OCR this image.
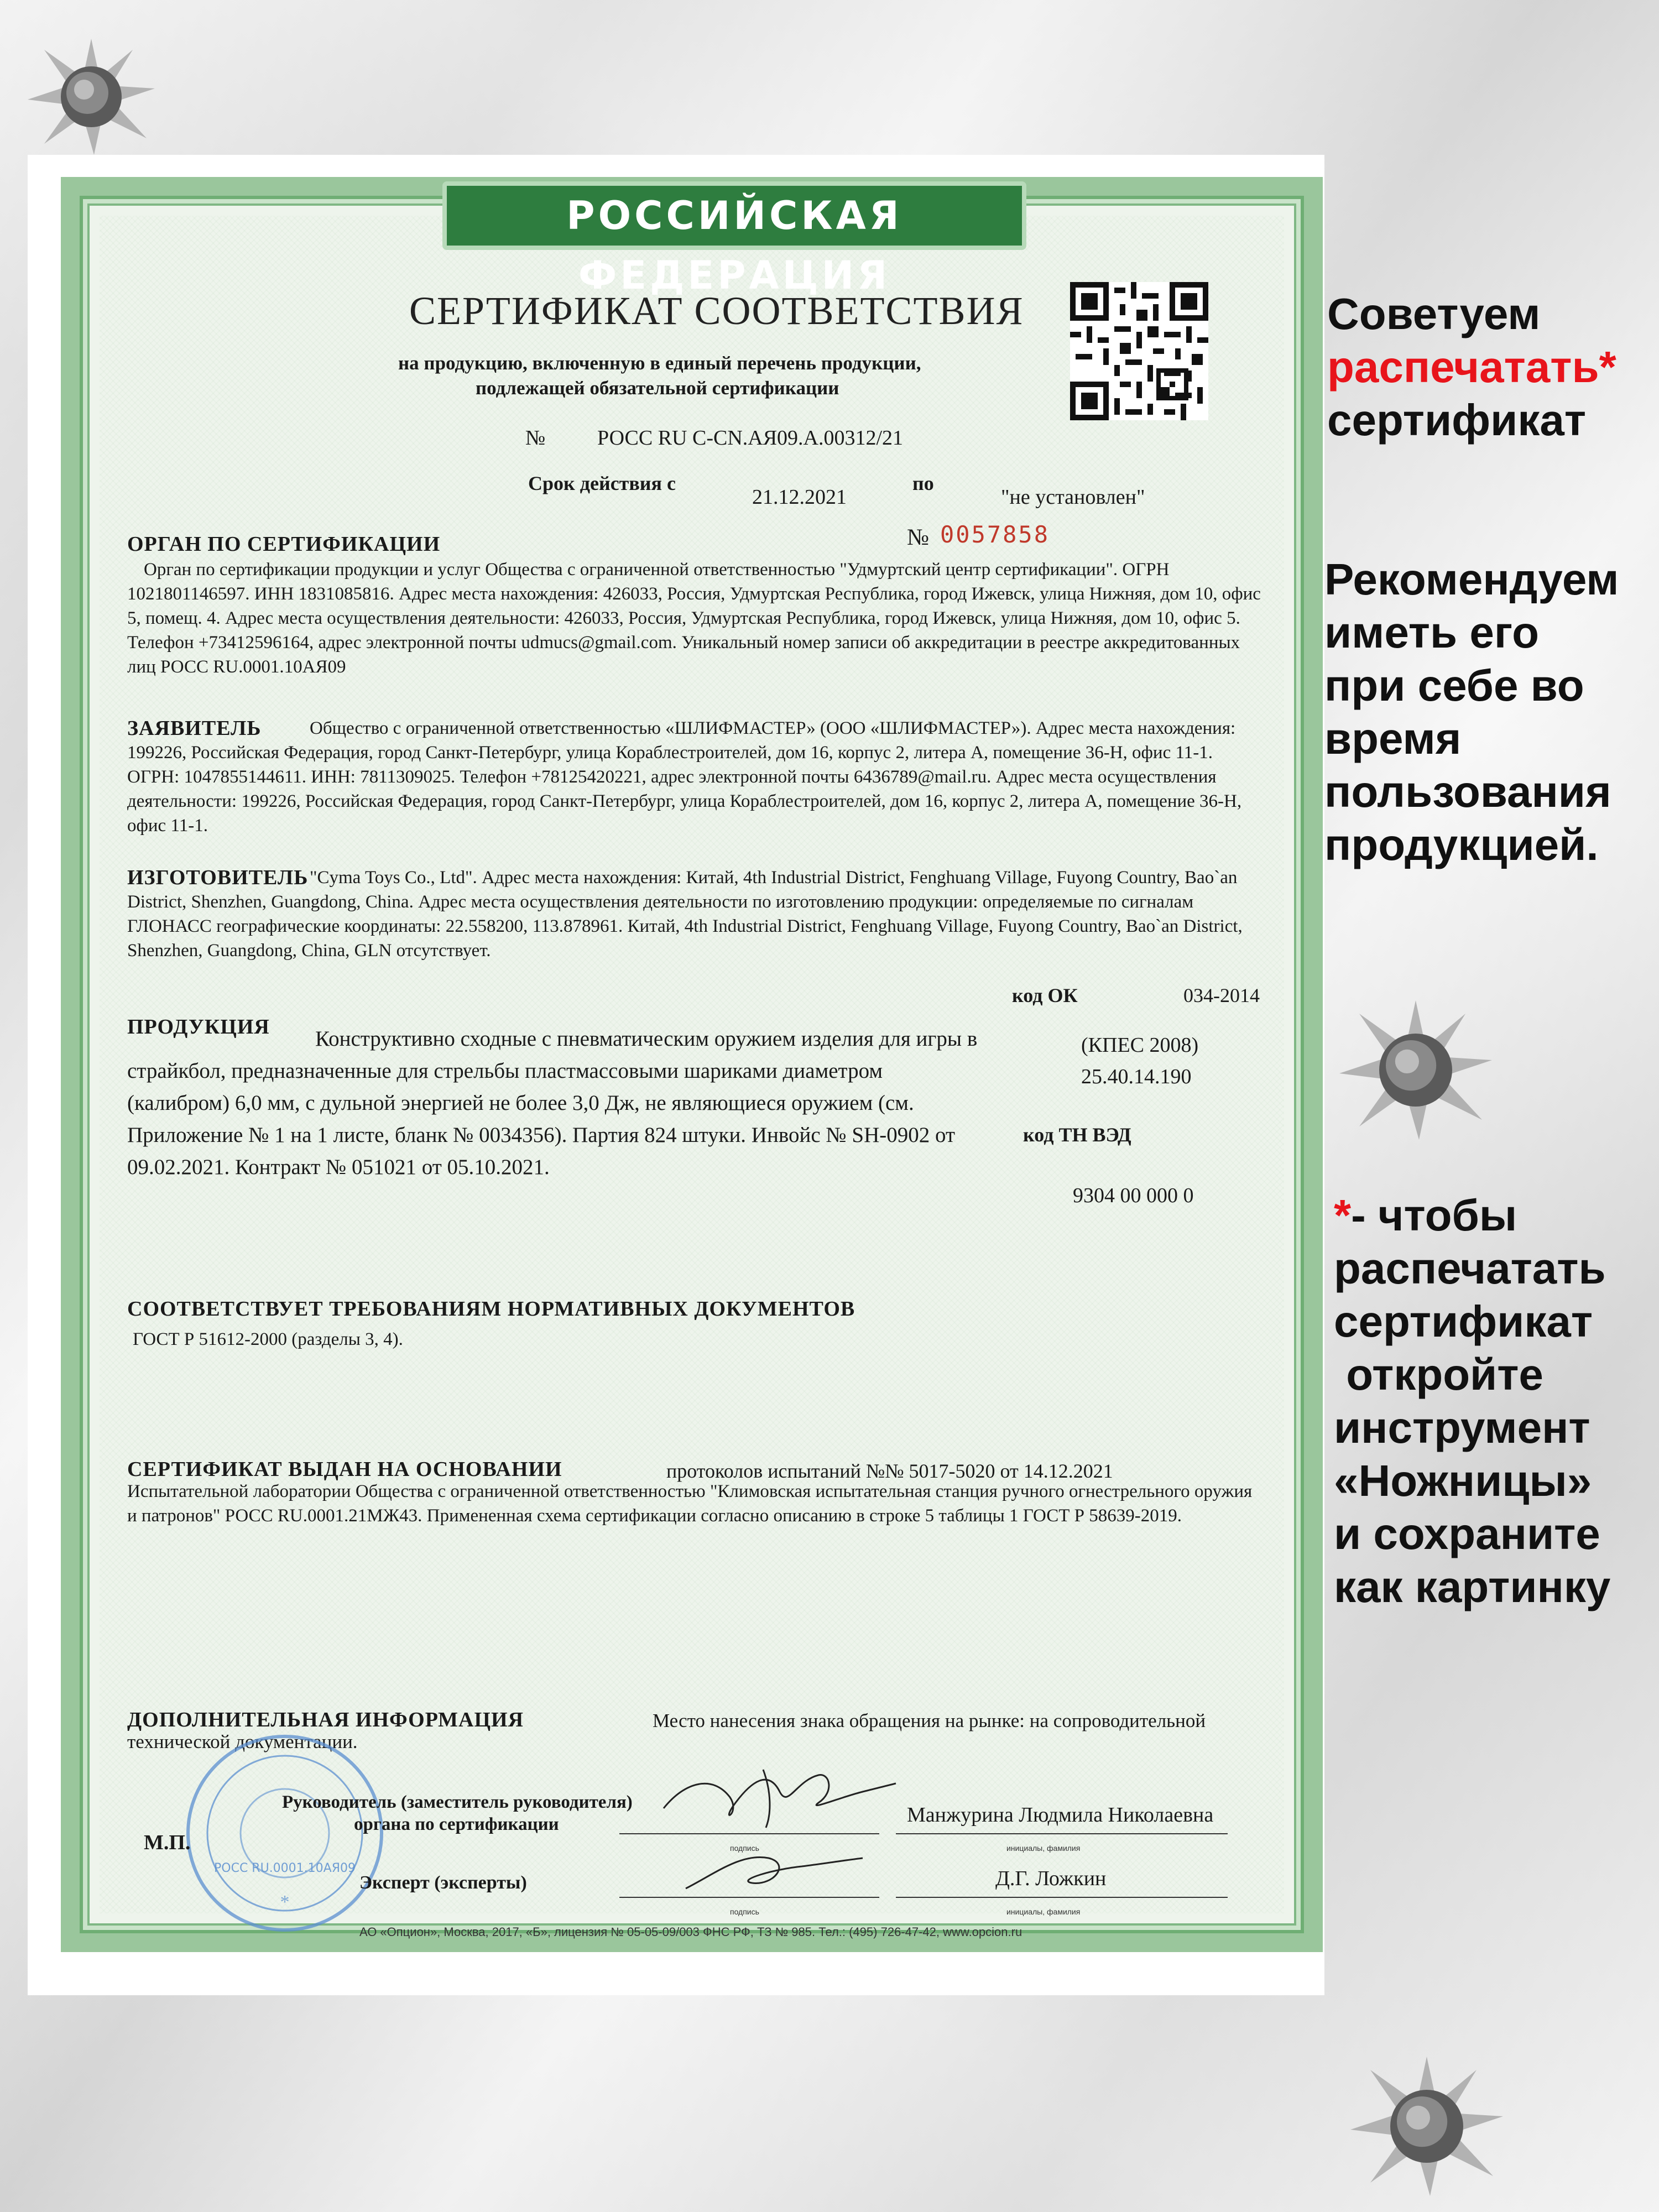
РОССИЙСКАЯ ФЕДЕРАЦИЯ
СЕРТИФИКАТ СООТВЕТСТВИЯ
на продукцию, включенную в единый перечень продукции,
подлежащей обязательной сертификации
№ РОСС RU C-CN.АЯ09.А.00312/21
Срок действия с
21.12.2021
по
"не установлен"
№ 0057858
ОРГАН ПО СЕРТИФИКАЦИИ
Орган по сертификации продукции и услуг Общества с ограниченной ответственностью "Удмуртский центр сертификации". ОГРН 1021801146597. ИНН 1831085816. Адрес места нахождения: 426033, Россия, Удмуртская Республика, город Ижевск, улица Нижняя, дом 10, офис 5, помещ. 4. Адрес места осуществления деятельности: 426033, Россия, Удмуртская Республика, город Ижевск, улица Нижняя, дом 10, офис 5. Телефон +73412596164, адрес электронной почты udmucs@gmail.com. Уникальный номер записи об аккредитации в реестре аккредитованных лиц РОСС RU.0001.10АЯ09
ЗАЯВИТЕЛЬ	Общество с ограниченной ответственностью «ШЛИФМАСТЕР» (ООО «ШЛИФМАСТЕР»). Адрес места нахождения: 199226, Российская Федерация, город Санкт-Петербург, улица Кораблестроителей, дом 16, корпус 2, литера А, помещение 36-Н, офис 11-1. ОГРН: 1047855144611. ИНН: 7811309025. Телефон +78125420221, адрес электронной почты 6436789@mail.ru. Адрес места осуществления деятельности: 199226, Российская Федерация, город Санкт-Петербург, улица Кораблестроителей, дом 16, корпус 2, литера А, помещение 36-Н, офис 11-1.
ИЗГОТОВИТЕЛЬ "Cyma Toys Co., Ltd". Адрес места нахождения: Китай, 4th Industrial District, Fenghuang Village, Fuyong Country, Bao`an District, Shenzhen, Guangdong, China. Адрес места осуществления деятельности по изготовлению продукции: определяемые по сигналам ГЛОНАСС географические координаты: 22.558200, 113.878961. Китай, 4th Industrial District, Fenghuang Village, Fuyong Country, Bao`an District, Shenzhen, Guangdong, China, GLN отсутствует.
код ОК	034-2014
ПРОДУКЦИЯ	Конструктивно сходные с пневматическим оружием изделия для игры в страйкбол, предназначенные для стрельбы пластмассовыми шариками диаметром (калибром) 6,0 мм, с дульной энергией не более 3,0 Дж, не являющиеся оружием (см. Приложение № 1 на 1 листе, бланк № 0034356). Партия 824 штуки. Инвойс № SH-0902 от 09.02.2021. Контракт № 051021 от 05.10.2021.
(КПЕС 2008)
25.40.14.190
код ТН ВЭД
9304 00 000 0
СООТВЕТСТВУЕТ ТРЕБОВАНИЯМ НОРМАТИВНЫХ ДОКУМЕНТОВ
ГОСТ Р 51612-2000 (разделы 3, 4).
СЕРТИФИКАТ ВЫДАН НА ОСНОВАНИИ	протоколов испытаний №№ 5017-5020 от 14.12.2021
Испытательной лаборатории Общества с ограниченной ответственностью "Климовская испытательная станция ручного огнестрельного оружия и патронов" РОСС RU.0001.21МЖ43. Примененная схема сертификации согласно описанию в строке 5 таблицы 1 ГОСТ Р 58639-2019.
ДОПОЛНИТЕЛЬНАЯ ИНФОРМАЦИЯ	Место нанесения знака обращения на рынке: на сопроводительной
технической документации.
РОСС RU.0001.10АЯ09
*
Руководитель (заместитель руководителя)
органа по сертификации
М.П.
Эксперт (эксперты)
подпись	инициалы, фамилия
подпись	инициалы, фамилия
Манжурина Людмила Николаевна
Д.Г. Ложкин
АО «Опцион», Москва, 2017, «Б», лицензия № 05-05-09/003 ФНС РФ, ТЗ № 985. Тел.: (495) 726-47-42, www.opcion.ru
Советуем
распечатать*
сертификат
Рекомендуем
иметь его
при себе во
время
пользования
продукцией.
*- чтобы
распечатать
сертификат
откройте
инструмент
«Ножницы»
и сохраните
как картинку
